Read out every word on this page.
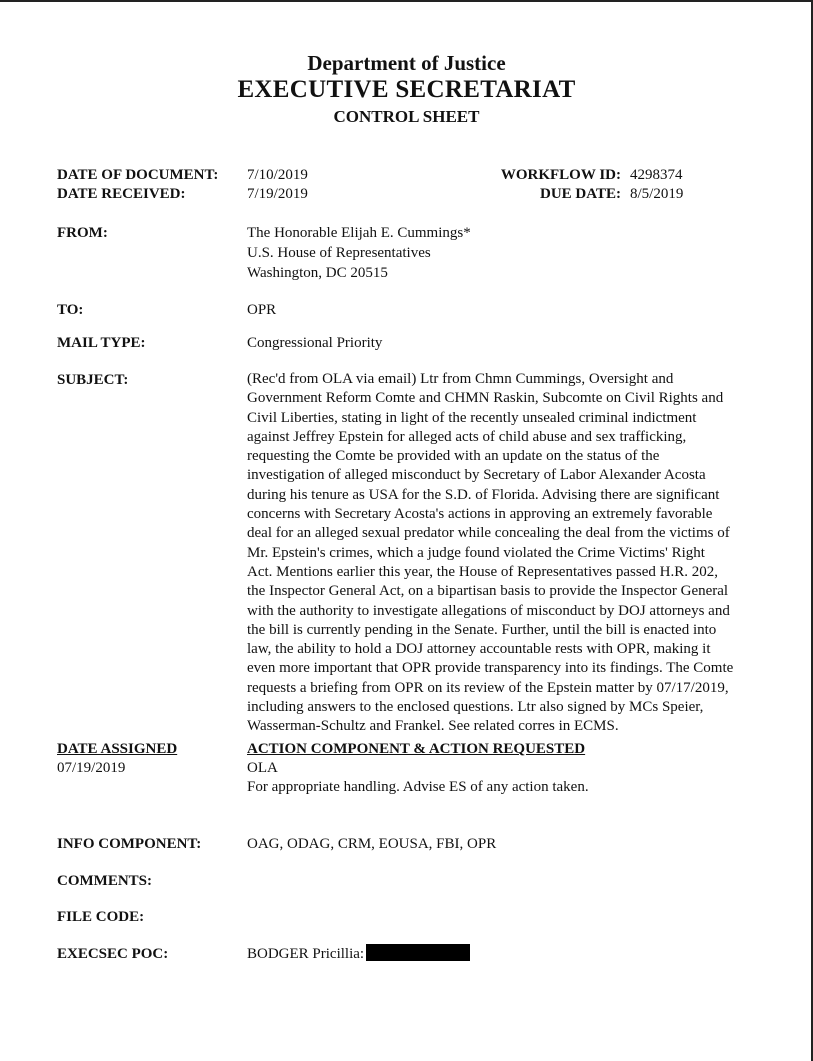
Department of Justice
EXECUTIVE SECRETARIAT
CONTROL SHEET
DATE OF DOCUMENT: 7/10/2019
DATE RECEIVED:	7/19/2019
WORKFLOW ID: 4298374
DUE DATE: 8/5/2019
FROM:	The Honorable Elijah E. Cummings*
U.S. House of Representatives
Washington, DC 20515
TO:	OPR
MAIL TYPE:	Congressional Priority
SUBJECT:	(Rec'd from OLA via email) Ltr from Chmn Cummings, Oversight and
Government Reform Comte and CHMN Raskin, Subcomte on Civil Rights and
Civil Liberties, stating in light of the recently unsealed criminal indictment
against Jeffrey Epstein for alleged acts of child abuse and sex trafficking,
requesting the Comte be provided with an update on the status of the
investigation of alleged misconduct by Secretary of Labor Alexander Acosta
during his tenure as USA for the S.D. of Florida. Advising there are significant
concerns with Secretary Acosta's actions in approving an extremely favorable
deal for an alleged sexual predator while concealing the deal from the victims of
Mr. Epstein's crimes, which a judge found violated the Crime Victims' Right
Act. Mentions earlier this year, the House of Representatives passed H.R. 202,
the Inspector General Act, on a bipartisan basis to provide the Inspector General
with the authority to investigate allegations of misconduct by DOJ attorneys and
the bill is currently pending in the Senate. Further, until the bill is enacted into
law, the ability to hold a DOJ attorney accountable rests with OPR, making it
even more important that OPR provide transparency into its findings. The Comte
requests a briefing from OPR on its review of the Epstein matter by 07/17/2019,
including answers to the enclosed questions. Ltr also signed by MCs Speier,
Wasserman-Schultz and Frankel. See related corres in ECMS.
DATE ASSIGNED
07/19/2019
ACTION COMPONENT & ACTION REQUESTED
OLA
For appropriate handling. Advise ES of any action taken.
INFO COMPONENT:	OAG, ODAG, CRM, EOUSA, FBI, OPR
COMMENTS:
FILE CODE:
EXECSEC POC:	BODGER Pricillia:
